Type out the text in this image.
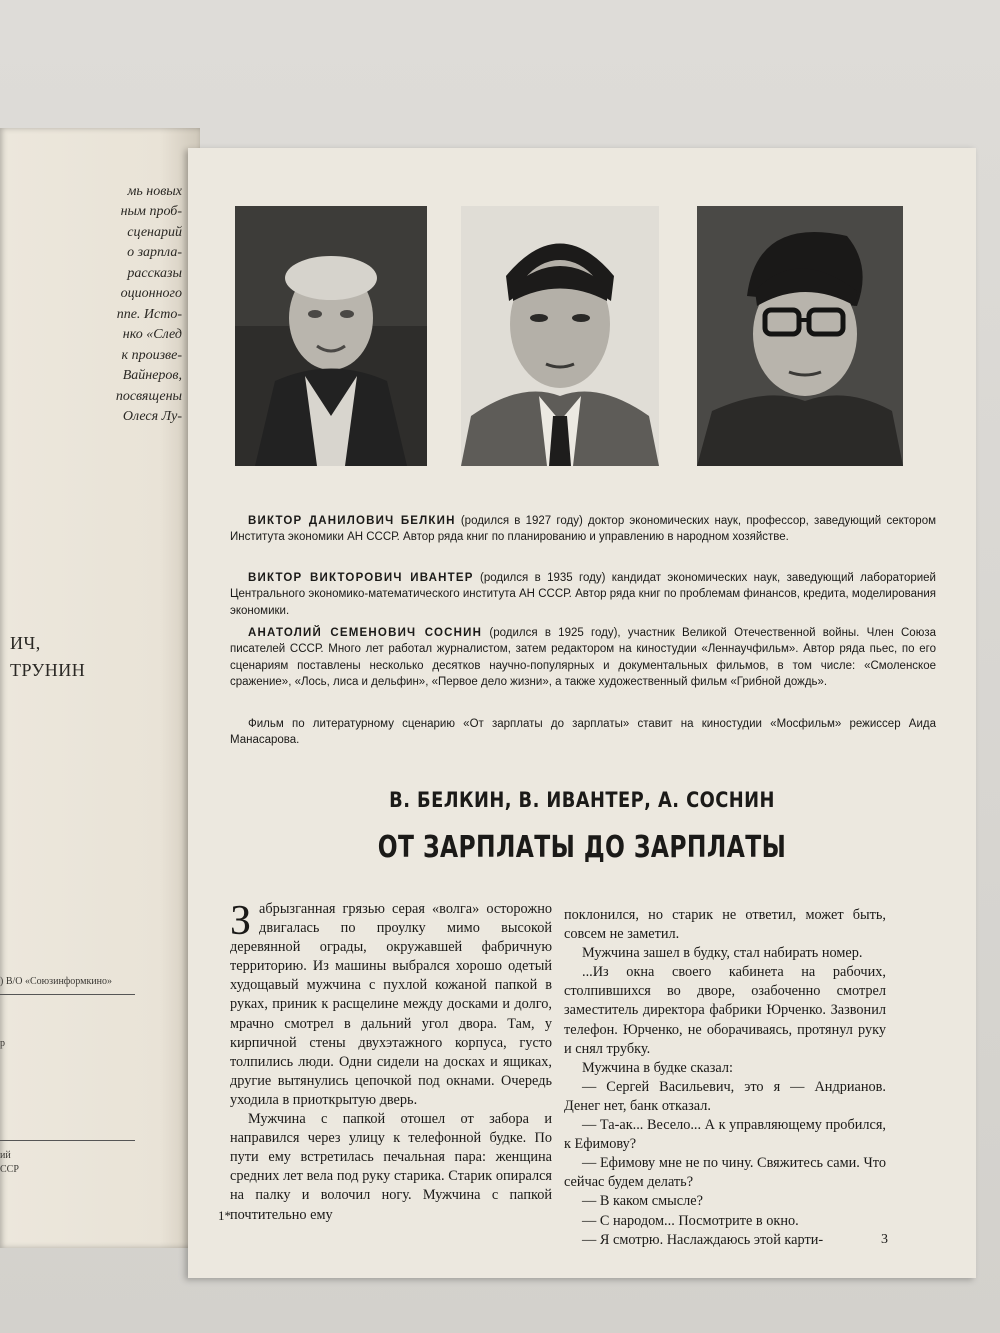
мь новых
ным проб-
сценарий
о зарпла-
рассказы
оционного
ппе. Исто-
нко «След
к произве-
Вайнеров,
посвящены
Олеся Лу-
ИЧ,
ТРУНИН
) В/О «Союзинформкино»
р
ий
ССР
ВИКТОР ДАНИЛОВИЧ БЕЛКИН (родился в 1927 году) доктор экономических наук, профессор, заведующий сектором Института экономики АН СССР. Автор ряда книг по планированию и управлению в народном хозяйстве.
ВИКТОР ВИКТОРОВИЧ ИВАНТЕР (родился в 1935 году) кандидат экономических наук, заведующий лабораторией Центрального экономико-математического института АН СССР. Автор ряда книг по проблемам финансов, кредита, моделирования экономики.
АНАТОЛИЙ СЕМЕНОВИЧ СОСНИН (родился в 1925 году), участник Великой Отечественной войны. Член Союза писателей СССР. Много лет работал журналистом, затем редактором на киностудии «Леннаучфильм». Автор ряда пьес, по его сценариям поставлены несколько десятков научно-популярных и документальных фильмов, в том числе: «Смоленское сражение», «Лось, лиса и дельфин», «Первое дело жизни», а также художественный фильм «Грибной дождь».
Фильм по литературному сценарию «От зарплаты до зарплаты» ставит на киностудии «Мосфильм» режиссер Аида Манасарова.
В. БЕЛКИН, В. ИВАНТЕР, А. СОСНИН
ОТ ЗАРПЛАТЫ ДО ЗАРПЛАТЫ

Забрызганная грязью серая «волга» осторожно двигалась по проулку мимо высокой деревянной ограды, окружавшей фабричную территорию. Из машины выбрался хорошо одетый худощавый мужчина с пухлой кожаной папкой в руках, приник к расщелине между досками и долго, мрачно смотрел в дальний угол двора. Там, у кирпичной стены двухэтажного корпуса, густо толпились люди. Одни сидели на досках и ящиках, другие вытянулись цепочкой под окнами. Очередь уходила в приоткрытую дверь.

Мужчина с папкой отошел от забора и направился через улицу к телефонной будке. По пути ему встретилась печальная пара: женщина средних лет вела под руку старика. Старик опирался на палку и волочил ногу. Мужчина с папкой почтительно ему

поклонился, но старик не ответил, может быть, совсем не заметил.

Мужчина зашел в будку, стал набирать номер.

...Из окна своего кабинета на рабочих, столпившихся во дворе, озабоченно смотрел заместитель директора фабрики Юрченко. Зазвонил телефон. Юрченко, не оборачиваясь, протянул руку и снял трубку.

Мужчина в будке сказал:

— Сергей Васильевич, это я — Андрианов. Денег нет, банк отказал.

— Та-ак... Весело... А к управляющему пробился, к Ефимову?

— Ефимову мне не по чину. Свяжитесь сами. Что сейчас будем делать?

— В каком смысле?

— С народом... Посмотрите в окно.

— Я смотрю. Наслаждаюсь этой карти-

1*
3
